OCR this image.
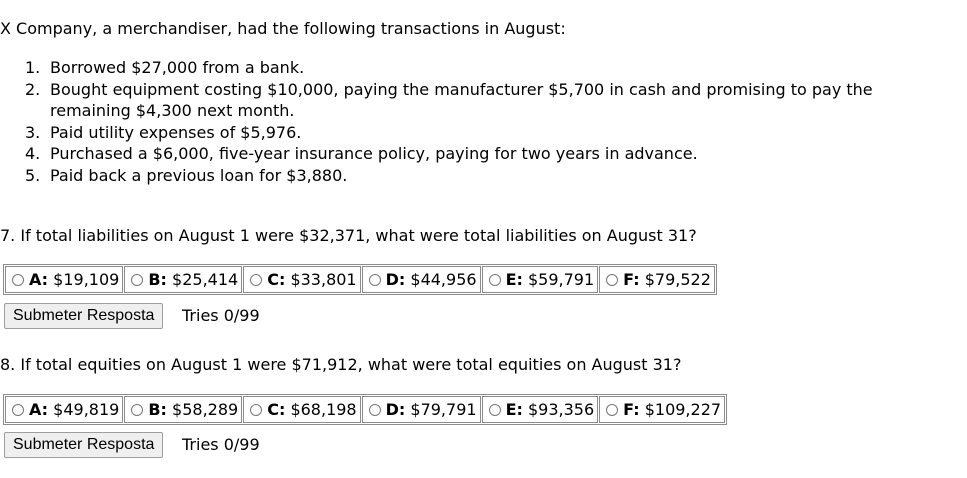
X Company, a merchandiser, had the following transactions in August:
1. Borrowed $27,000 from a bank.
2. Bought equipment costing $10,000, paying the manufacturer $5,700 in cash and promising to pay the remaining $4,300 next month.
3. Paid utility expenses of $5,976.
4. Purchased a $6,000, five-year insurance policy, paying for two years in advance.
5. Paid back a previous loan for $3,880.
7. If total liabilities on August 1 were $32,371, what were total liabilities on August 31?
A:
$19,109 B:
$25,414 C:
$33,801 D:
$44,956 E:
$59,791 F:
$79,522
Submeter Resposta	Tries 0/99
8. If total equities on August 1 were $71,912, what were total equities on August 31?
A:
$49,819 B:
$58,289 C:
$68,198 D:
$79,791 E:
$93,356 F:
$109,227
Submeter Resposta	Tries 0/99
